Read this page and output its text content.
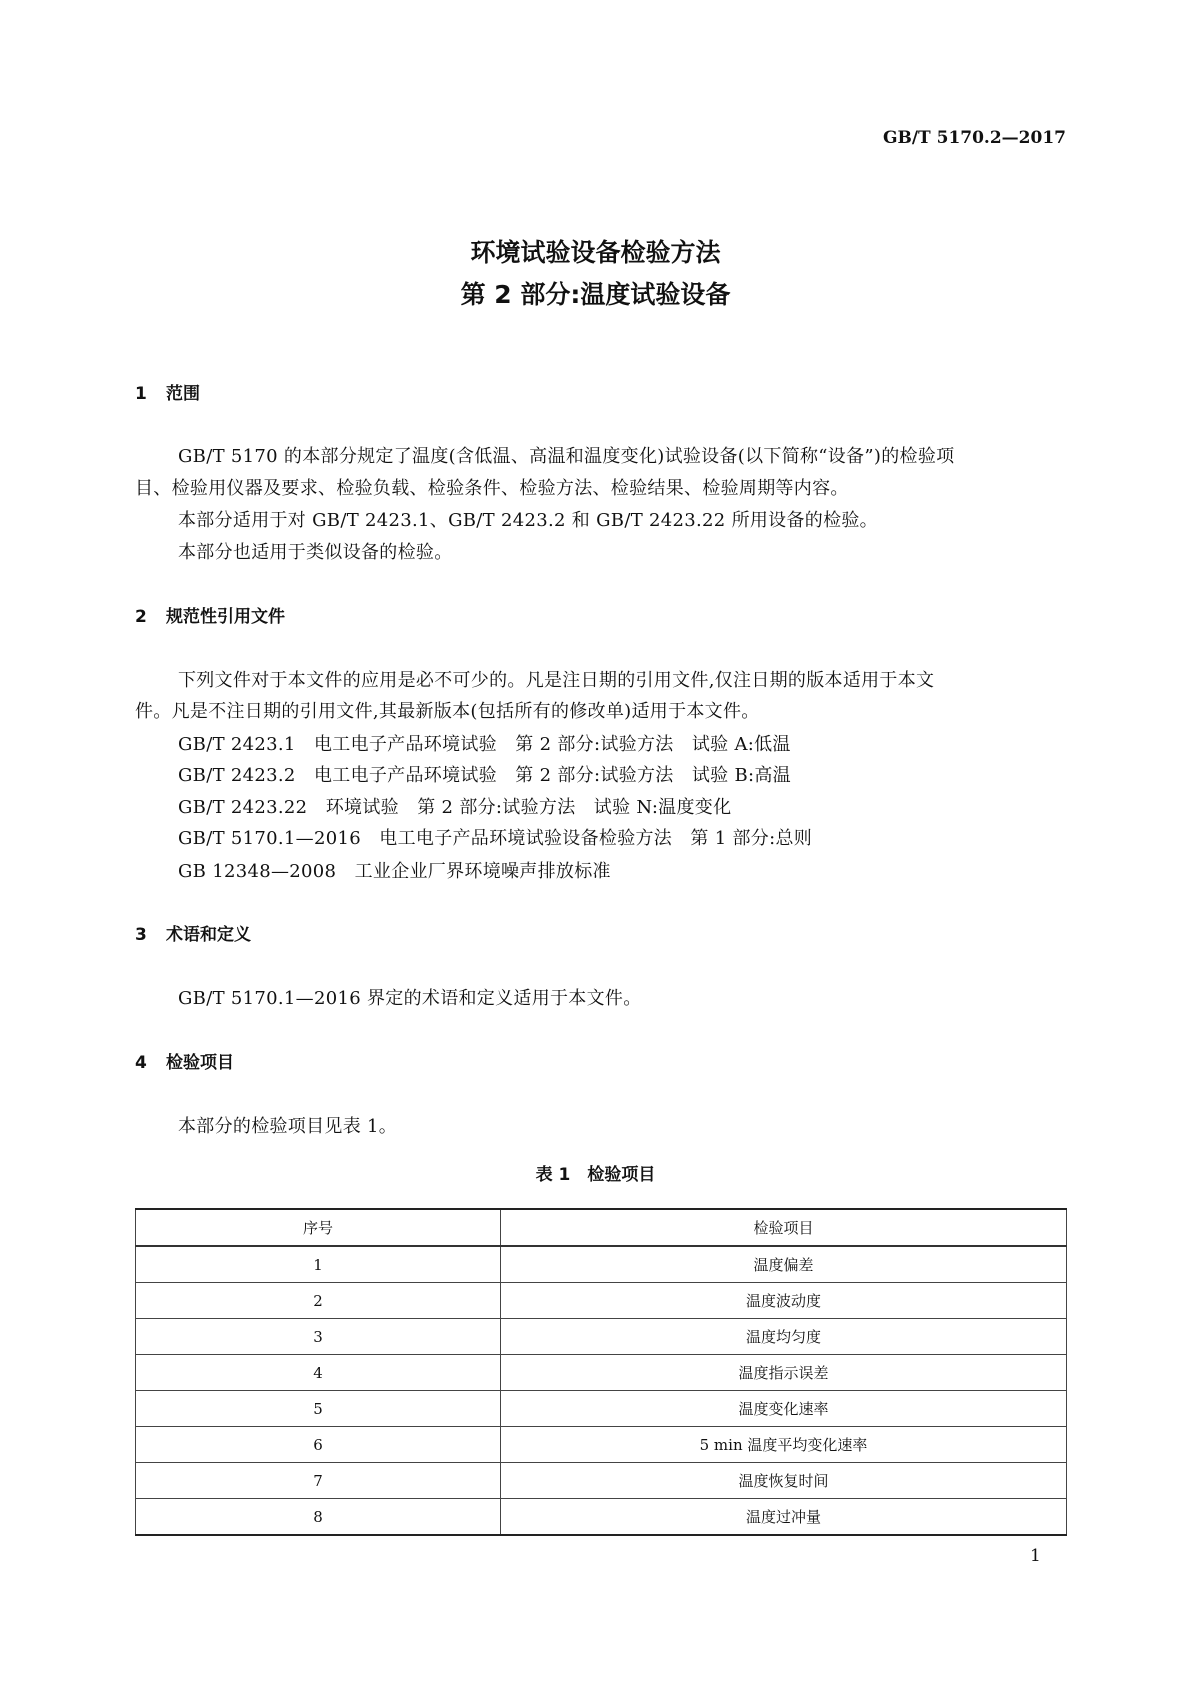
GB/T 5170.2—2017
环境试验设备检验方法
第 2 部分:温度试验设备
1 范围
GB/T 5170 的本部分规定了温度(含低温、高温和温度变化)试验设备(以下简称“设备”)的检验项
目、检验用仪器及要求、检验负载、检验条件、检验方法、检验结果、检验周期等内容。
本部分适用于对 GB/T 2423.1、GB/T 2423.2 和 GB/T 2423.22 所用设备的检验。
本部分也适用于类似设备的检验。
2 规范性引用文件
下列文件对于本文件的应用是必不可少的。凡是注日期的引用文件,仅注日期的版本适用于本文
件。凡是不注日期的引用文件,其最新版本(包括所有的修改单)适用于本文件。
GB/T 2423.1　电工电子产品环境试验　第 2 部分:试验方法　试验 A:低温
GB/T 2423.2　电工电子产品环境试验　第 2 部分:试验方法　试验 B:高温
GB/T 2423.22　环境试验　第 2 部分:试验方法　试验 N:温度变化
GB/T 5170.1—2016　电工电子产品环境试验设备检验方法　第 1 部分:总则
GB 12348—2008　工业企业厂界环境噪声排放标准
3 术语和定义
GB/T 5170.1—2016 界定的术语和定义适用于本文件。
4 检验项目
本部分的检验项目见表 1。
表 1　检验项目
序号	检验项目
1	温度偏差
2	温度波动度
3	温度均匀度
4	温度指示误差
5	温度变化速率
6	5 min 温度平均变化速率
7	温度恢复时间
8	温度过冲量
1
